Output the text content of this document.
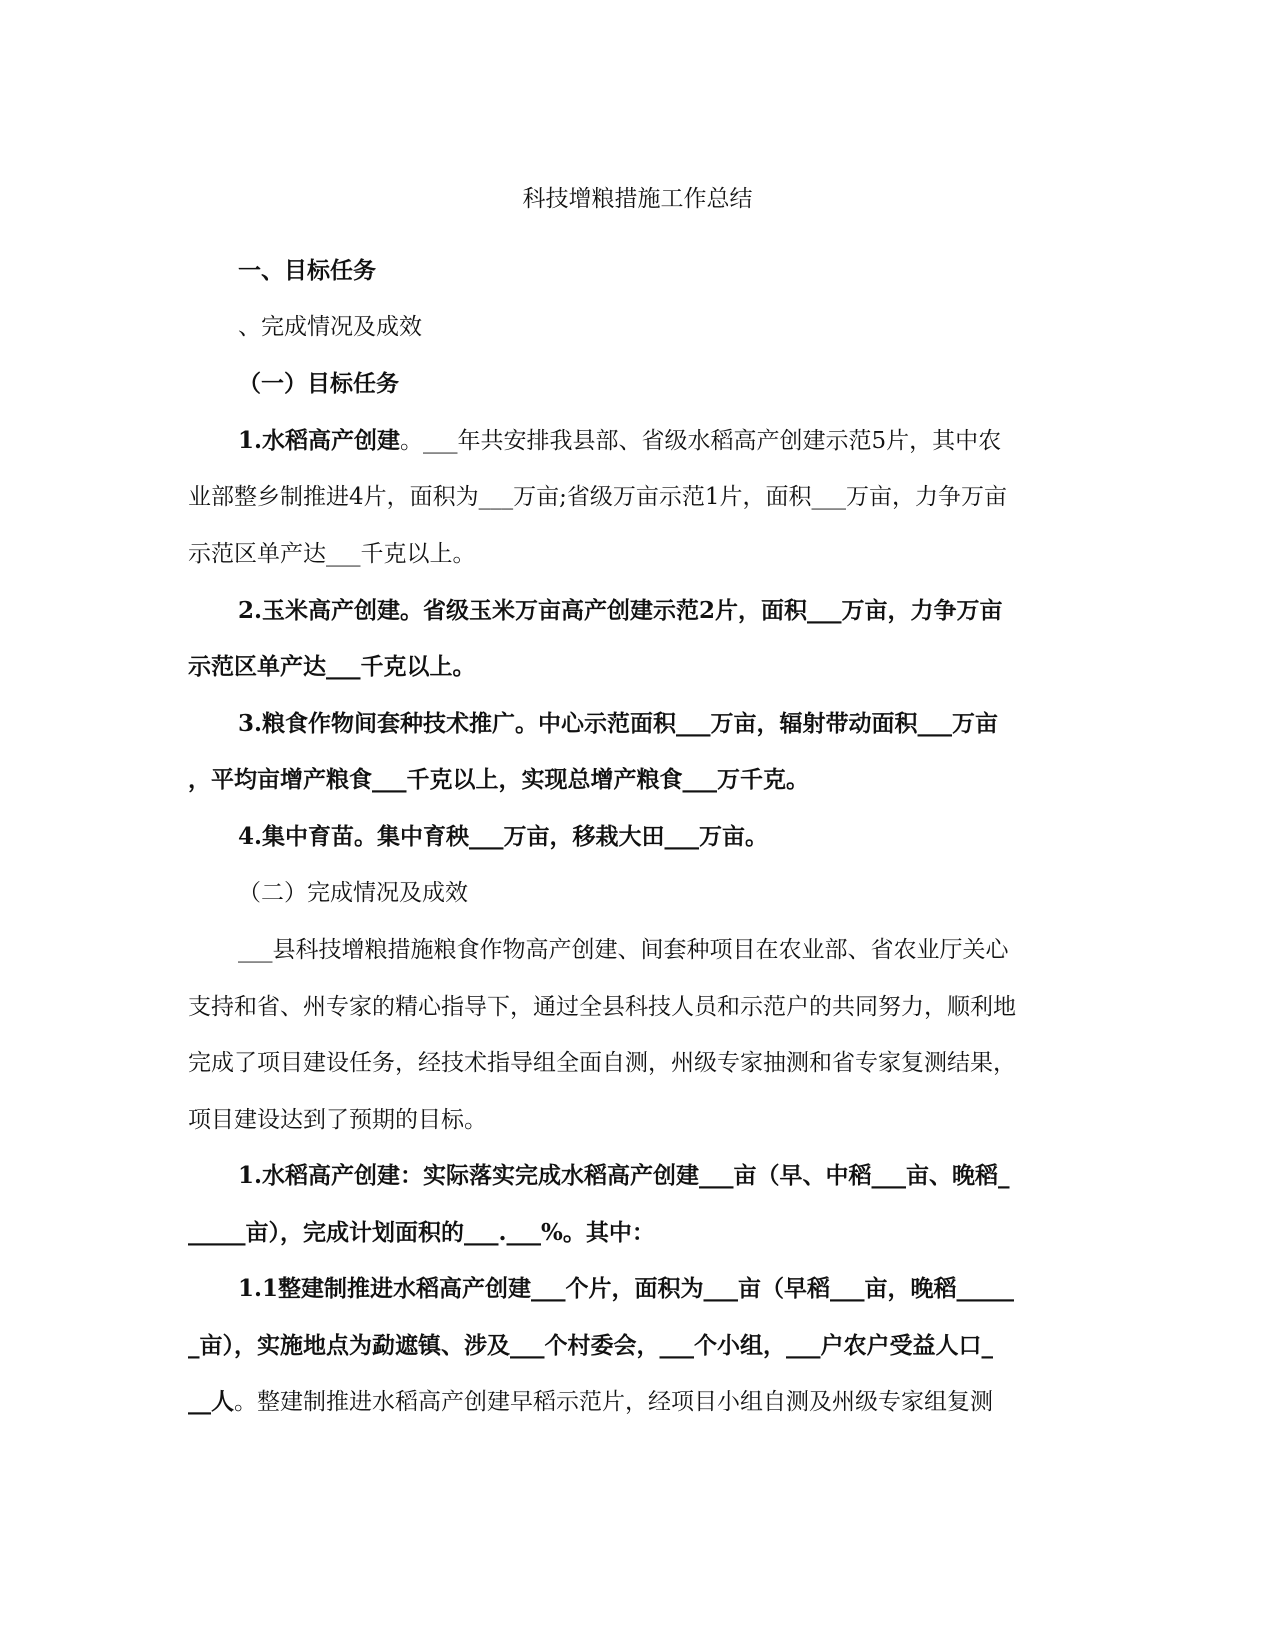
科技增粮措施工作总结
一、目标任务
、完成情况及成效
（一）目标任务
1.水稻高产创建。___年共安排我县部、省级水稻高产创建示范5片，其中农
业部整乡制推进4片，面积为___万亩;省级万亩示范1片，面积___万亩，力争万亩
示范区单产达___千克以上。
2.玉米高产创建。省级玉米万亩高产创建示范2片，面积___万亩，力争万亩
示范区单产达___千克以上。
3.粮食作物间套种技术推广。中心示范面积___万亩，辐射带动面积___万亩
，平均亩增产粮食___千克以上，实现总增产粮食___万千克。
4.集中育苗。集中育秧___万亩，移栽大田___万亩。
（二）完成情况及成效
___县科技增粮措施粮食作物高产创建、间套种项目在农业部、省农业厅关心
支持和省、州专家的精心指导下，通过全县科技人员和示范户的共同努力，顺利地
完成了项目建设任务，经技术指导组全面自测，州级专家抽测和省专家复测结果，
项目建设达到了预期的目标。
1.水稻高产创建：实际落实完成水稻高产创建___亩（早、中稻___亩、晚稻_
_____亩），完成计划面积的___.___%。其中：
1.1整建制推进水稻高产创建___个片，面积为___亩（早稻___亩，晚稻_____
_亩），实施地点为勐遮镇、涉及___个村委会，___个小组，___户农户受益人口_
__人。整建制推进水稻高产创建早稻示范片，经项目小组自测及州级专家组复测
